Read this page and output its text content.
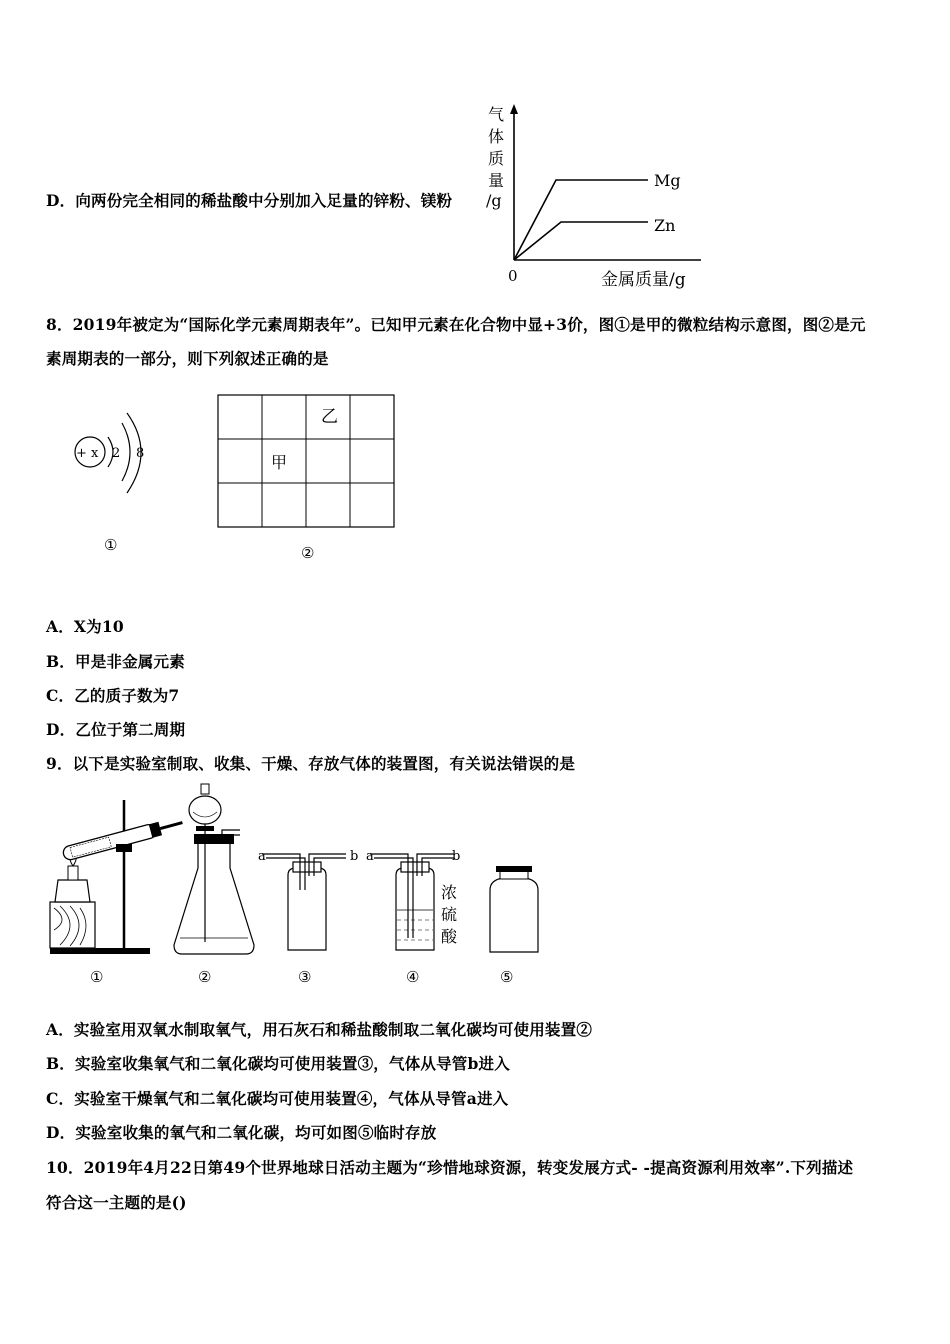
D．向两份完全相同的稀盐酸中分别加入足量的锌粉、镁粉
气
体
质
量
/g
Mg
Zn
0	金属质量/g
8．2019年被定为“国际化学元素周期表年”。已知甲元素在化合物中显+3价，图①是甲的微粒结构示意图，图②是元
素周期表的一部分，则下列叙述正确的是
+ x 2 8
①
乙
甲
②
A．X为10
B．甲是非金属元素
C．乙的质子数为7
D．乙位于第二周期
9．以下是实验室制取、收集、干燥、存放气体的装置图，有关说法错误的是
①	②
a	b
③
a	b
浓
硫
酸
④	⑤
A．实验室用双氧水制取氧气，用石灰石和稀盐酸制取二氧化碳均可使用装置②
B．实验室收集氧气和二氧化碳均可使用装置③，气体从导管b进入
C．实验室干燥氧气和二氧化碳均可使用装置④，气体从导管a进入
D．实验室收集的氧气和二氧化碳，均可如图⑤临时存放
10．2019年4月22日第49个世界地球日活动主题为“珍惜地球资源，转变发展方式- -提高资源利用效率”.下列描述
符合这一主题的是()
